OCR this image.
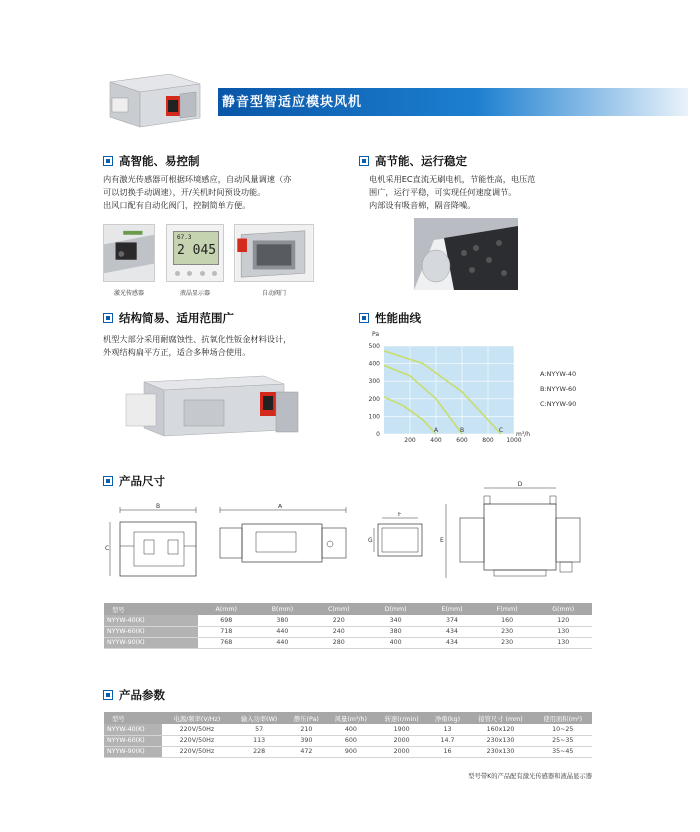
静音型智适应模块风机
高智能、易控制
内有激光传感器可根据环境感应，自动风量调速（亦
可以切换手动调速），开/关机时间预设功能。
出风口配有自动化阀门，控制简单方便。
激光传感器
67.3
2 045
液晶显示器	自动阀门
高节能、运行稳定
电机采用EC直流无刷电机，节能性高，电压范
围广，运行平稳，可实现任何速度调节。
内部设有吸音棉，隔音降噪。
结构简易、适用范围广
机型大部分采用耐腐蚀性、抗氧化性钣金材料设计，
外观结构扁平方正，适合多种场合使用。
性能曲线
500
400
300
200
100
0
200 400 600 800 1000
Pa
m³/h
A
A:NYYW-40
B
B:NYYW-60
C
C:NYYW-90
产品尺寸
B
C
A
F
G
D
E
型号	A(mm)	B(mm)	C(mm)	D(mm)	E(mm)	F(mm)	G(mm)
NYYW-40(K)	698	380	220	340	374	160	120
NYYW-60(K)	718	440	240	380	434	230	130
NYYW-90(K)	768	440	280	400	434	230	130
产品参数
型号	电源/频率(V/Hz)	输入功率(W)	静压(Pa)	风量(m³/h)	转速(r/min)	净重(kg)	接管尺寸 (mm)	使用面积(m²)
NYYW-40(K)	220V/50Hz	57	210	400	1900	13	160x120	10~25
NYYW-60(K)	220V/50Hz	113	390	600	2000	14.7	230x130	25~35
NYYW-90(K)	220V/50Hz	228	472	900	2000	16	230x130	35~45
型号带K的产品配有激光传感器和液晶显示器
